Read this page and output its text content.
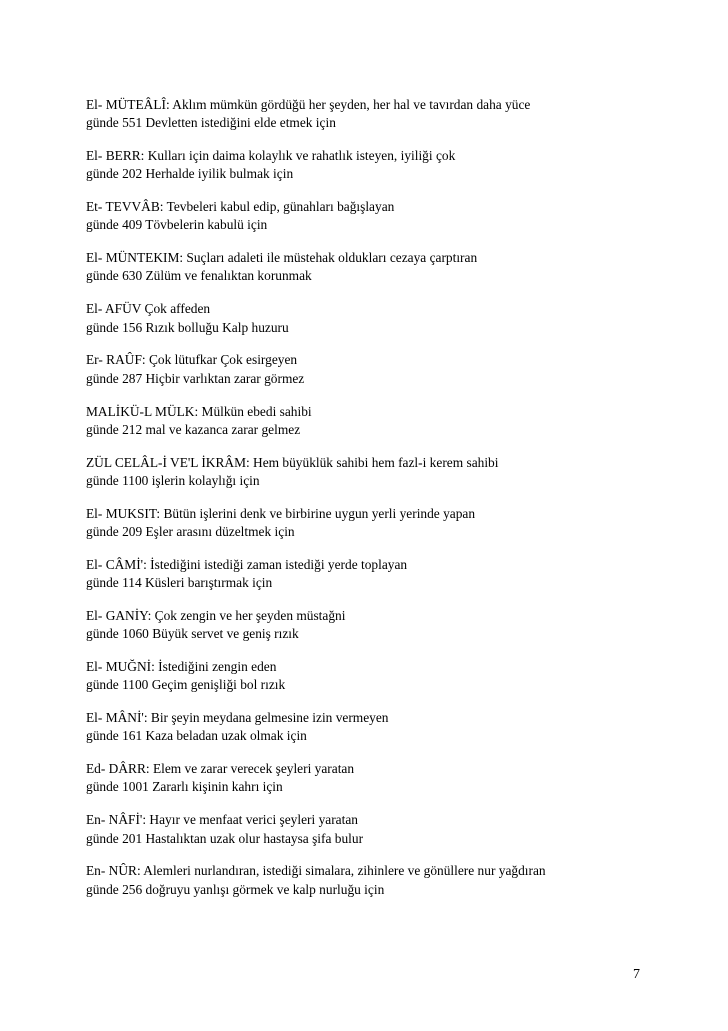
El- MÜTEÂLÎ: Aklım mümkün gördüğü her şeyden, her hal ve tavırdan daha yüce

günde 551 Devletten istediğini elde etmek için

El- BERR: Kulları için daima kolaylık ve rahatlık isteyen, iyiliği çok

günde 202 Herhalde iyilik bulmak için

Et- TEVVÂB: Tevbeleri kabul edip, günahları bağışlayan

günde 409 Tövbelerin kabulü için

El- MÜNTEKIM: Suçları adaleti ile müstehak oldukları cezaya çarptıran

günde 630 Zülüm ve fenalıktan korunmak

El- AFÜV Çok affeden

günde 156 Rızık bolluğu Kalp huzuru

Er- RAÛF: Çok lütufkar Çok esirgeyen

günde 287 Hiçbir varlıktan zarar görmez

MALİKÜ-L MÜLK: Mülkün ebedi sahibi

günde 212 mal ve kazanca zarar gelmez

ZÜL CELÂL-İ VE'L İKRÂM: Hem büyüklük sahibi hem fazl-i kerem sahibi

günde 1100 işlerin kolaylığı için

El- MUKSIT: Bütün işlerini denk ve birbirine uygun yerli yerinde yapan

günde 209 Eşler arasını düzeltmek için

El- CÂMİ': İstediğini istediği zaman istediği yerde toplayan

günde 114 Küsleri barıştırmak için

El- GANİY: Çok zengin ve her şeyden müstağni

günde 1060 Büyük servet ve geniş rızık

El- MUĞNİ: İstediğini zengin eden

günde 1100 Geçim genişliği bol rızık

El- MÂNİ': Bir şeyin meydana gelmesine izin vermeyen

günde 161 Kaza beladan uzak olmak için

Ed- DÂRR: Elem ve zarar verecek şeyleri yaratan

günde 1001 Zararlı kişinin kahrı için

En- NÂFİ': Hayır ve menfaat verici şeyleri yaratan

günde 201 Hastalıktan uzak olur hastaysa şifa bulur

En- NÛR: Alemleri nurlandıran, istediği simalara, zihinlere ve gönüllere nur yağdıran

günde 256 doğruyu yanlışı görmek ve kalp nurluğu için

7
